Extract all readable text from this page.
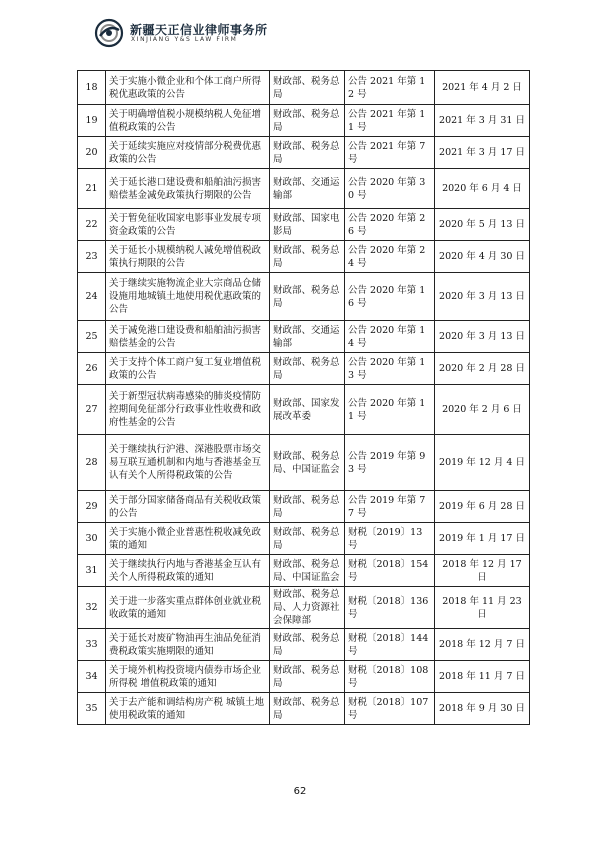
新疆天正信业律师事务所
XINJIANG Y&S LAW FIRM
18	关于实施小微企业和个体工商户所得税优惠政策的公告	财政部、税务总局	公告 2021 年第 12 号	2021 年 4 月 2 日
19	关于明确增值税小规模纳税人免征增值税政策的公告	财政部、税务总局	公告 2021 年第 11 号	2021 年 3 月 31 日
20	关于延续实施应对疫情部分税费优惠政策的公告	财政部、税务总局	公告 2021 年第 7 号	2021 年 3 月 17 日
21	关于延长港口建设费和船舶油污损害赔偿基金减免政策执行期限的公告	财政部、交通运输部	公告 2020 年第 30 号	2020 年 6 月 4 日
22	关于暂免征收国家电影事业发展专项资金政策的公告	财政部、国家电影局	公告 2020 年第 26 号	2020 年 5 月 13 日
23	关于延长小规模纳税人减免增值税政策执行期限的公告	财政部、税务总局	公告 2020 年第 24 号	2020 年 4 月 30 日
24	关于继续实施物流企业大宗商品仓储设施用地城镇土地使用税优惠政策的公告	财政部、税务总局	公告 2020 年第 16 号	2020 年 3 月 13 日
25	关于减免港口建设费和船舶油污损害赔偿基金的公告	财政部、交通运输部	公告 2020 年第 14 号	2020 年 3 月 13 日
26	关于支持个体工商户复工复业增值税政策的公告	财政部、税务总局	公告 2020 年第 13 号	2020 年 2 月 28 日
27	关于新型冠状病毒感染的肺炎疫情防控期间免征部分行政事业性收费和政府性基金的公告	财政部、国家发展改革委	公告 2020 年第 11 号	2020 年 2 月 6 日
28	关于继续执行沪港、深港股票市场交易互联互通机制和内地与香港基金互认有关个人所得税政策的公告	财政部、税务总局、中国证监会	公告 2019 年第 93 号	2019 年 12 月 4 日
29	关于部分国家储备商品有关税收政策的公告	财政部、税务总局	公告 2019 年第 77 号	2019 年 6 月 28 日
30	关于实施小微企业普惠性税收减免政策的通知	财政部、税务总局	财税〔2019〕13 号	2019 年 1 月 17 日
31	关于继续执行内地与香港基金互认有关个人所得税政策的通知	财政部、税务总局、中国证监会	财税〔2018〕154 号	2018 年 12 月 17 日
32	关于进一步落实重点群体创业就业税收政策的通知	财政部、税务总局、人力资源社会保障部	财税〔2018〕136 号	2018 年 11 月 23 日
33	关于延长对废矿物油再生油品免征消费税政策实施期限的通知	财政部、税务总局	财税〔2018〕144 号	2018 年 12 月 7 日
34	关于境外机构投资境内债券市场企业所得税 增值税政策的通知	财政部、税务总局	财税〔2018〕108 号	2018 年 11 月 7 日
35	关于去产能和调结构房产税 城镇土地使用税政策的通知	财政部、税务总局	财税〔2018〕107 号	2018 年 9 月 30 日
62
